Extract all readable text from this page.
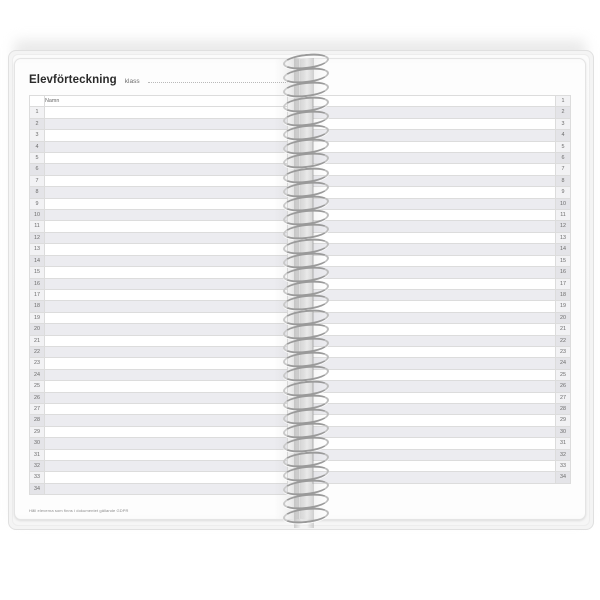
Elevförteckning klass
	Namn
1	
2	
3	
4	
5	
6	
7	
8	
9	
10	
11	
12	
13	
14	
15	
16	
17	
18	
19	
20	
21	
22	
23	
24	
25	
26	
27	
28	
29	
30	
31	
32	
33	
34	
Håll eleverna som finns i dokumentet gällande GDPR
	1
	2
	3
	4
	5
	6
	7
	8
	9
	10
	11
	12
	13
	14
	15
	16
	17
	18
	19
	20
	21
	22
	23
	24
	25
	26
	27
	28
	29
	30
	31
	32
	33
	34
